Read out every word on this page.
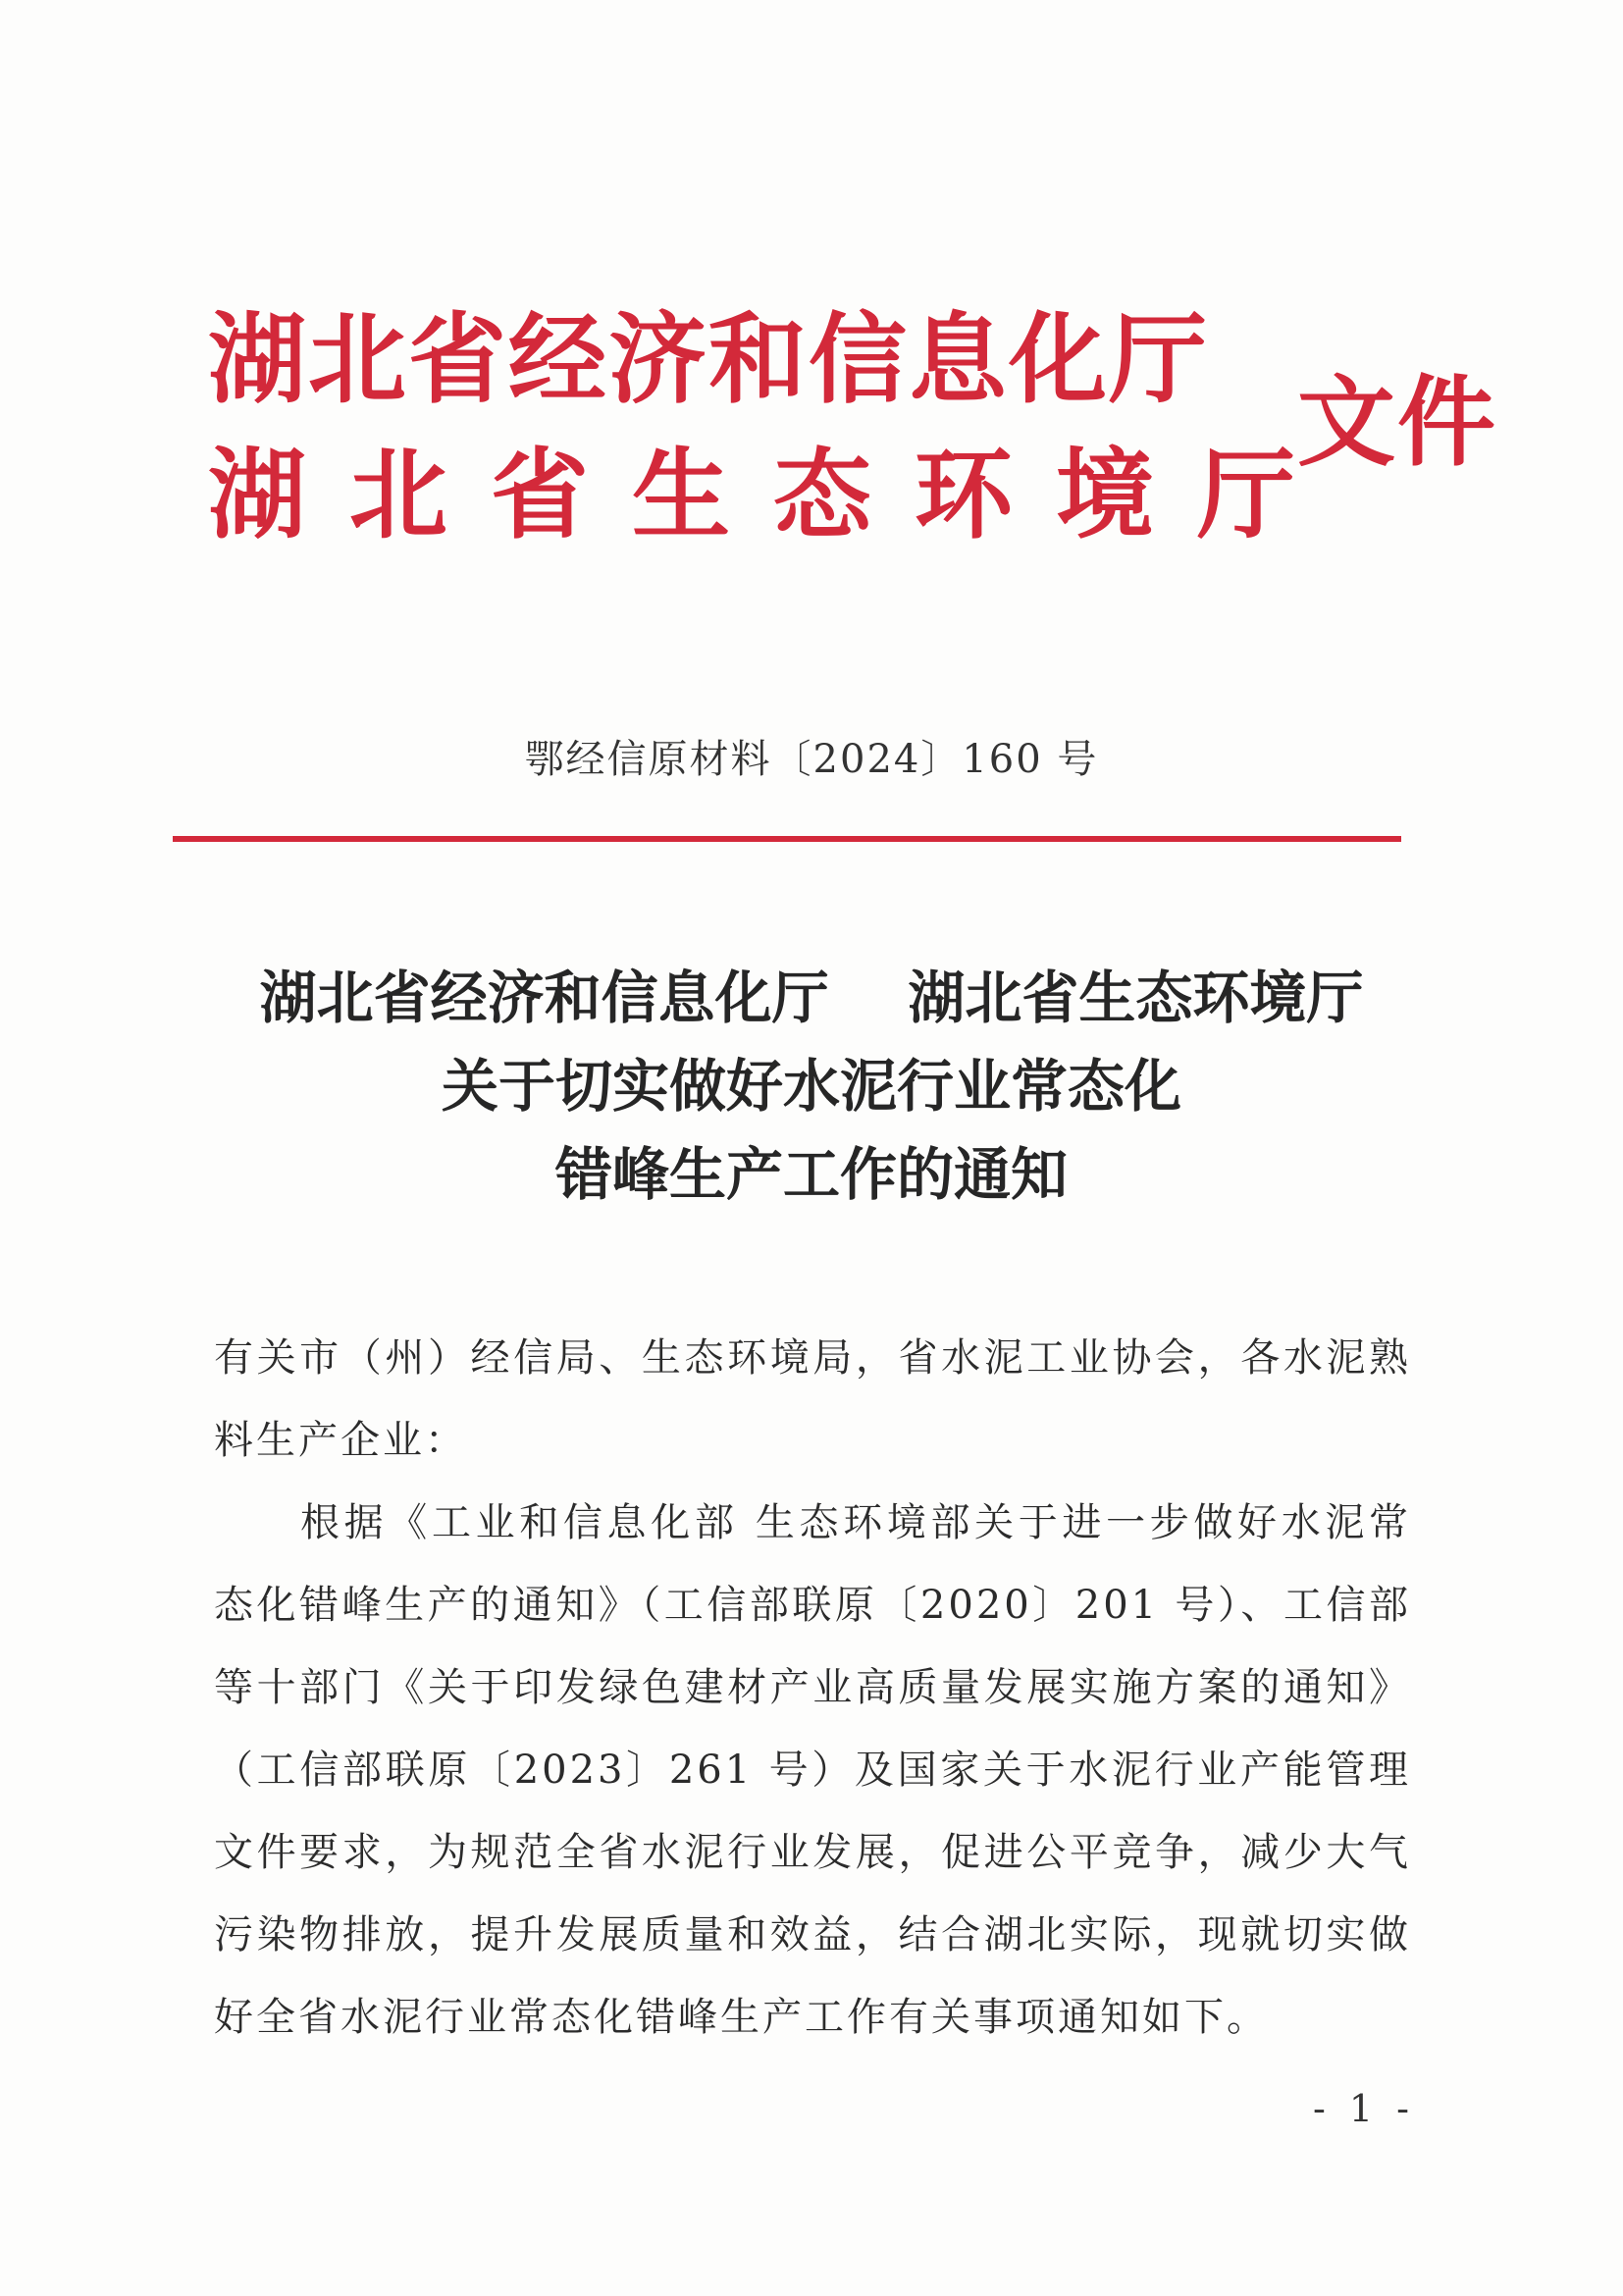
湖北省经济和信息化厅
湖北省生态环境厅
文件
鄂经信原材料〔2024〕160 号
湖北省经济和信息化厅    湖北省生态环境厅
关于切实做好水泥行业常态化
错峰生产工作的通知

有关市（州）经信局、生态环境局，省水泥工业协会，各水泥熟料生产企业：

根据《工业和信息化部 生态环境部关于进一步做好水泥常态化错峰生产的通知》（工信部联原〔2020〕201 号）、工信部等十部门《关于印发绿色建材产业高质量发展实施方案的通知》（工信部联原〔2023〕261 号）及国家关于水泥行业产能管理文件要求，为规范全省水泥行业发展，促进公平竞争，减少大气污染物排放，提升发展质量和效益，结合湖北实际，现就切实做好全省水泥行业常态化错峰生产工作有关事项通知如下。

- 1 -
